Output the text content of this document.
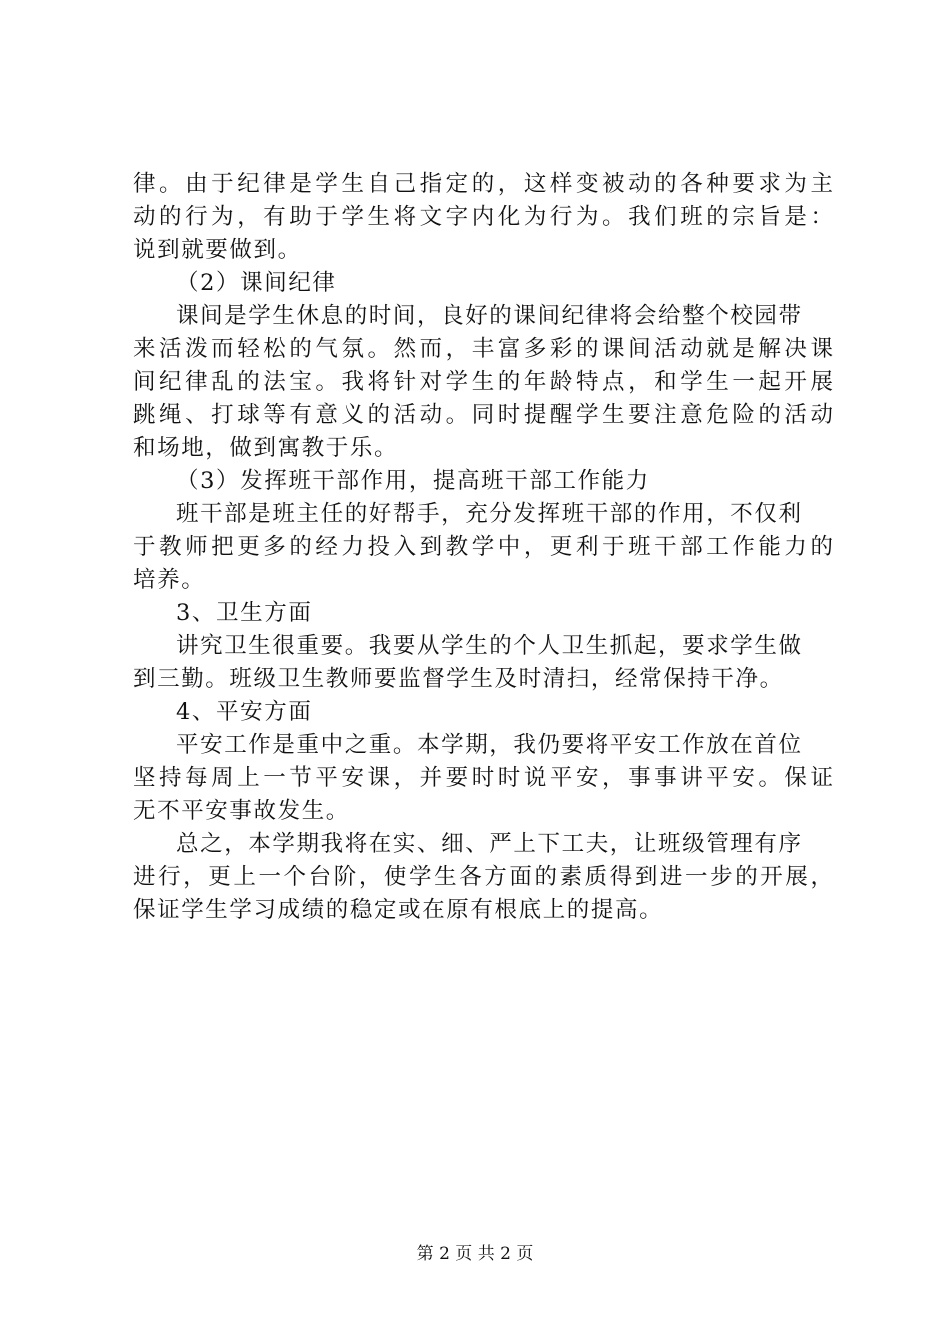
律。由于纪律是学生自己指定的，这样变被动的各种要求为主
动的行为，有助于学生将文字内化为行为。我们班的宗旨是：
说到就要做到。
（2）课间纪律
课间是学生休息的时间，良好的课间纪律将会给整个校园带
来活泼而轻松的气氛。然而，丰富多彩的课间活动就是解决课
间纪律乱的法宝。我将针对学生的年龄特点，和学生一起开展
跳绳、打球等有意义的活动。同时提醒学生要注意危险的活动
和场地，做到寓教于乐。
（3）发挥班干部作用，提高班干部工作能力
班干部是班主任的好帮手，充分发挥班干部的作用，不仅利
于教师把更多的经力投入到教学中，更利于班干部工作能力的
培养。
3、卫生方面
讲究卫生很重要。我要从学生的个人卫生抓起，要求学生做
到三勤。班级卫生教师要监督学生及时清扫，经常保持干净。
4、平安方面
平安工作是重中之重。本学期，我仍要将平安工作放在首位
坚持每周上一节平安课，并要时时说平安，事事讲平安。保证
无不平安事故发生。
总之，本学期我将在实、细、严上下工夫，让班级管理有序
进行，更上一个台阶，使学生各方面的素质得到进一步的开展，
保证学生学习成绩的稳定或在原有根底上的提高。
第 2 页 共 2 页
